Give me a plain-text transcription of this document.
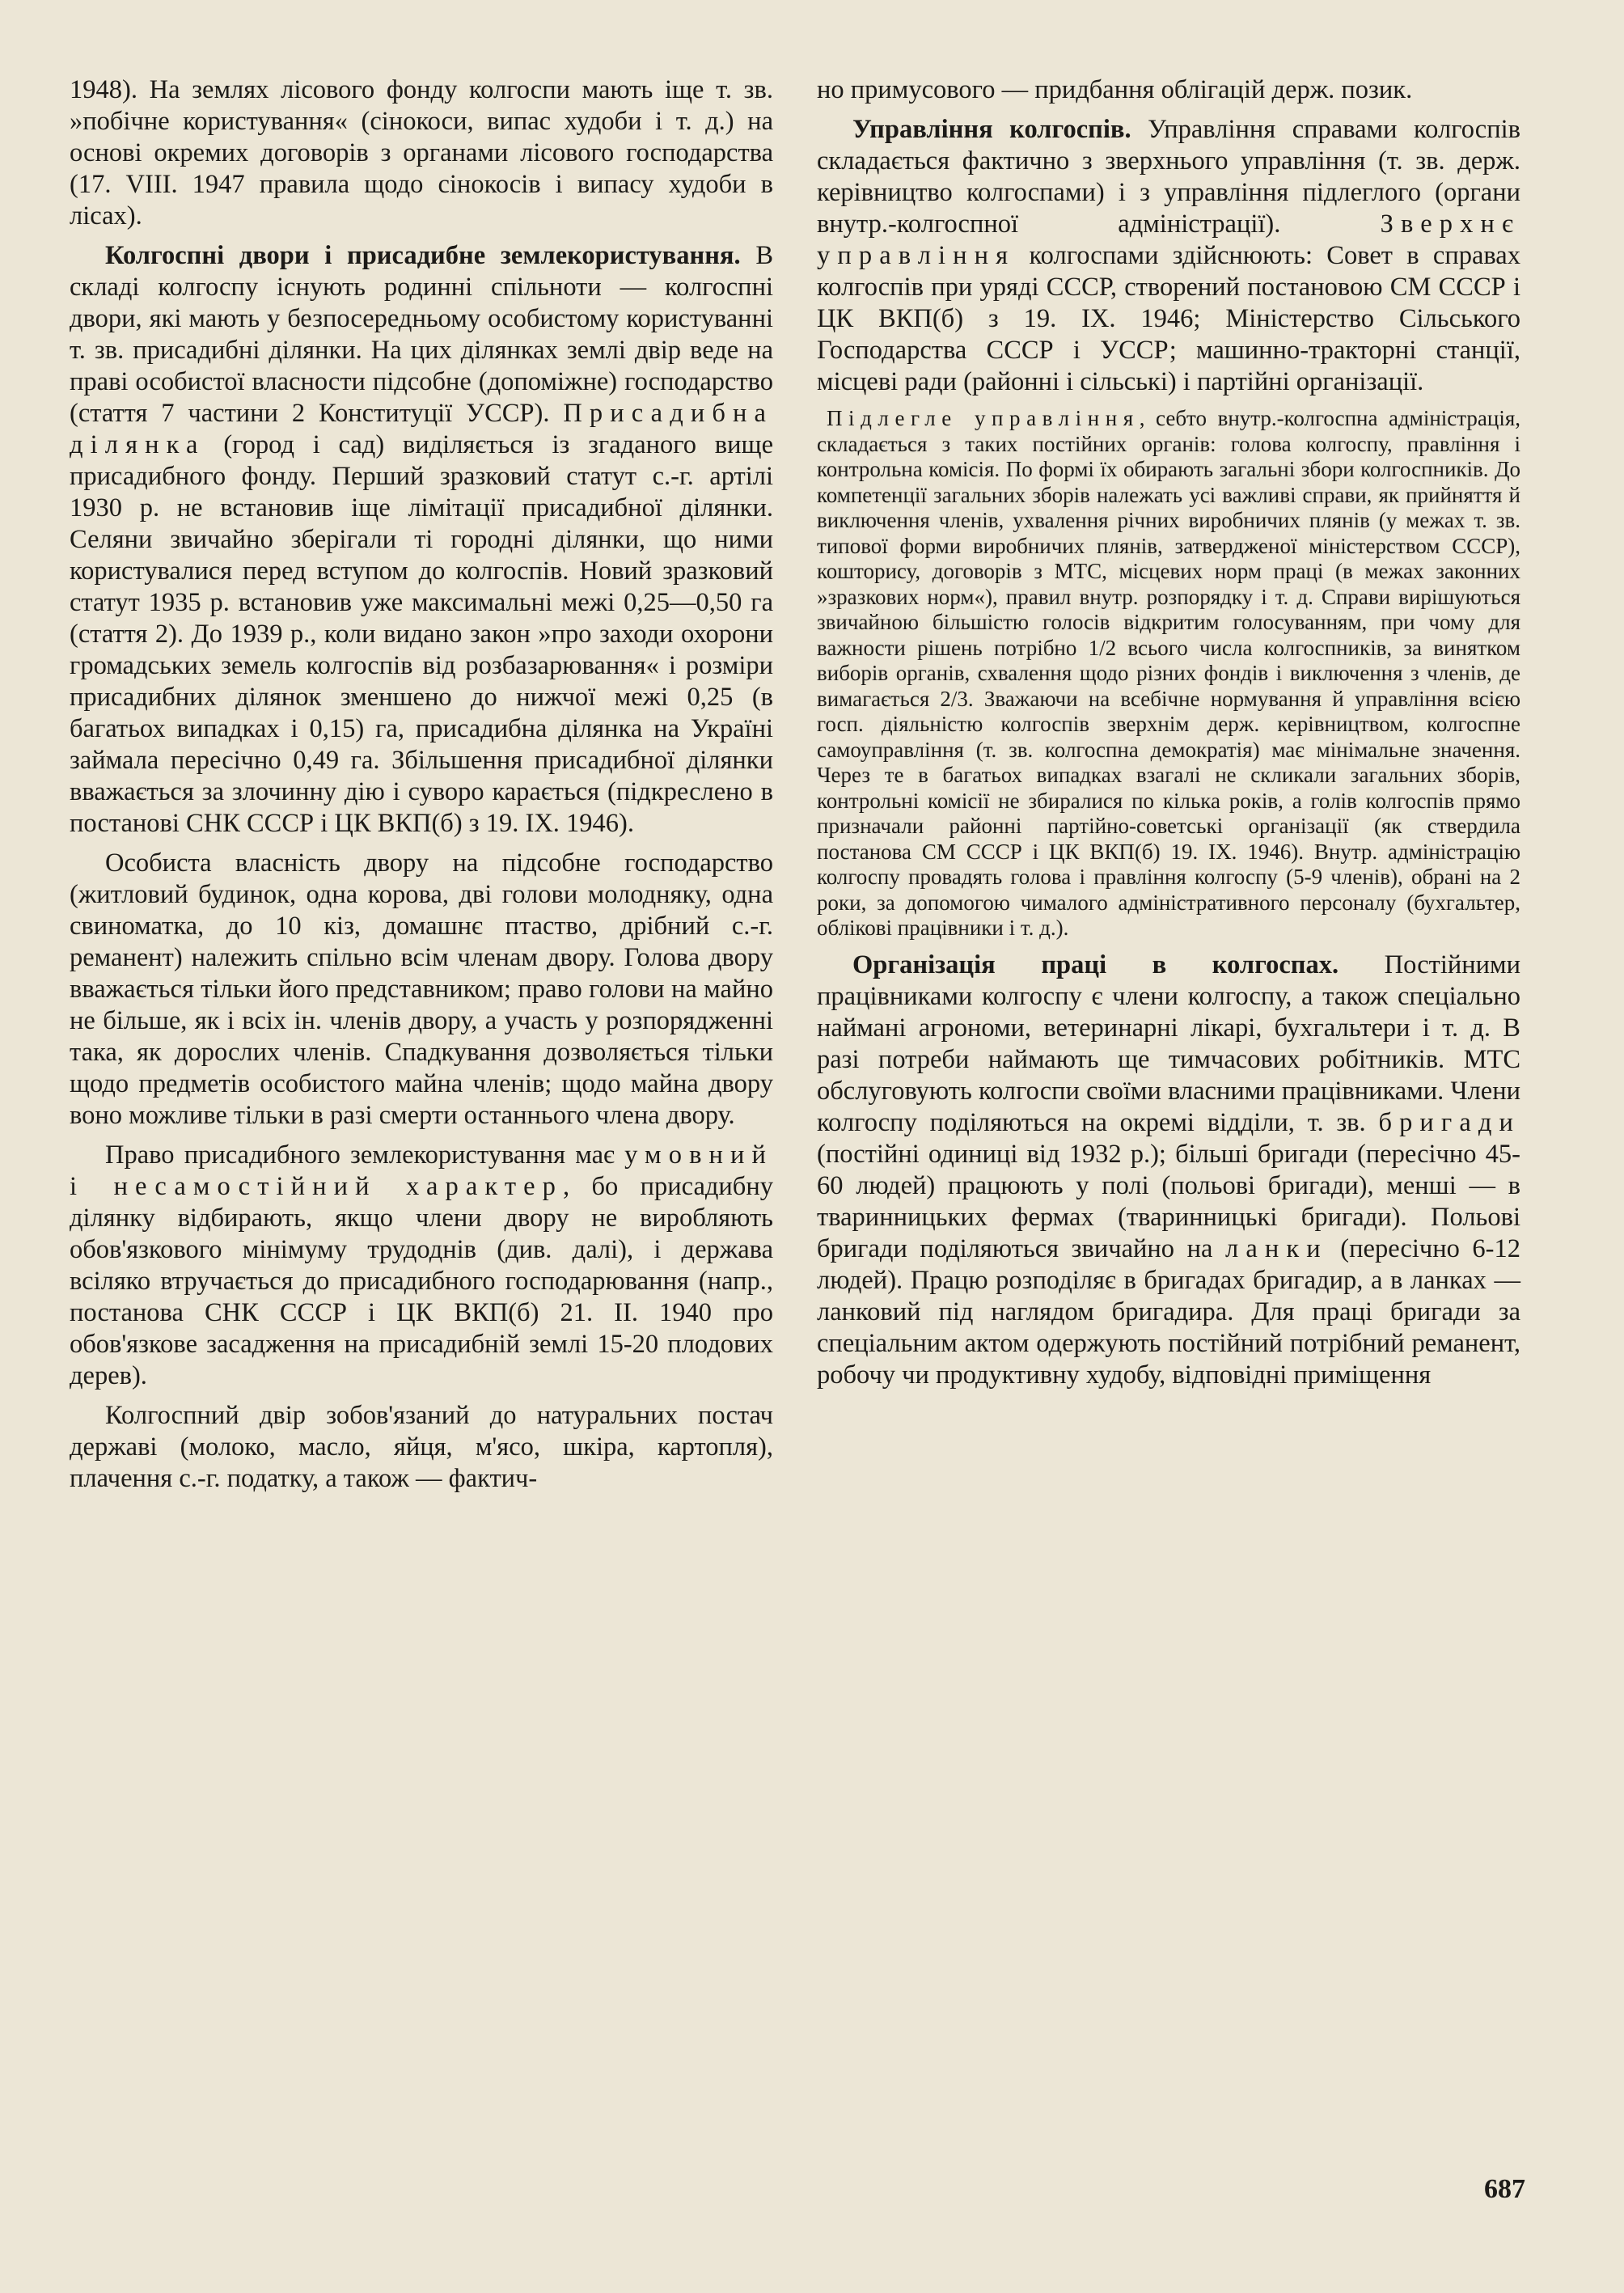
1948). На землях лісового фонду колгоспи мають іще т. зв. »побічне користування« (сінокоси, випас худоби і т. д.) на основі окремих договорів з органами лісового господарства (17. VIII. 1947 правила щодо сінокосів і випасу худоби в лісах).

Колгоспні двори і присадибне землекористування. В складі колгоспу існують родинні спільноти — колгоспні двори, які мають у безпосередньому особистому користуванні т. зв. присадибні ділянки. На цих ділянках землі двір веде на праві особистої власности підсобне (допоміжне) господарство (стаття 7 частини 2 Конституції УССР). Присадибна ділянка (город і сад) виділяється із згаданого вище присадибного фонду. Перший зразковий статут с.-г. артілі 1930 р. не встановив іще лімітації присадибної ділянки. Селяни звичайно зберігали ті городні ділянки, що ними користувалися перед вступом до колгоспів. Новий зразковий статут 1935 р. встановив уже максимальні межі 0,25—0,50 га (стаття 2). До 1939 р., коли видано закон »про заходи охорони громадських земель колгоспів від розбазарювання« і розміри присадибних ділянок зменшено до нижчої межі 0,25 (в багатьох випадках і 0,15) га, присадибна ділянка на Україні займала пересічно 0,49 га. Збільшення присадибної ділянки вважається за злочинну дію і суворо карається (підкреслено в постанові СНК СССР і ЦК ВКП(б) з 19. IX. 1946).

Особиста власність двору на підсобне господарство (житловий будинок, одна корова, дві голови молодняку, одна свиноматка, до 10 кіз, домашнє птаство, дрібний с.-г. реманент) належить спільно всім членам двору. Голова двору вважається тільки його представником; право голови на майно не більше, як і всіх ін. членів двору, а участь у розпорядженні така, як дорослих членів. Спадкування дозволяється тільки щодо предметів особистого майна членів; щодо майна двору воно можливе тільки в разі смерти останнього члена двору.

Право присадибного землекористування має умовний і несамостійний характер, бо присадибну ділянку відбирають, якщо члени двору не виробляють обов'язкового мінімуму трудоднів (див. далі), і держава всіляко втручається до присадибного господарювання (напр., постанова СНК СССР і ЦК ВКП(б) 21. II. 1940 про обов'язкове засадження на присадибній землі 15-20 плодових дерев).

Колгоспний двір зобов'язаний до натуральних постач державі (молоко, масло, яйця, м'ясо, шкіра, картопля), плачення с.-г. податку, а також — фактич-

но примусового — придбання облігацій держ. позик.

Управління колгоспів. Управління справами колгоспів складається фактично з зверхнього управління (т. зв. держ. керівництво колгоспами) і з управління підлеглого (органи внутр.-колгоспної адміністрації). Зверхнє управління колгоспами здійснюють: Совет в справах колгоспів при уряді СССР, створений постановою СМ СССР і ЦК ВКП(б) з 19. IX. 1946; Міністерство Сільського Господарства СССР і УССР; машинно-тракторні станції, місцеві ради (районні і сільські) і партійні організації.

Підлегле управління, себто внутр.-колгоспна адміністрація, складається з таких постійних органів: голова колгоспу, правління і контрольна комісія. По формі їх обирають загальні збори колгоспників. До компетенції загальних зборів належать усі важливі справи, як прийняття й виключення членів, ухвалення річних виробничих плянів (у межах т. зв. типової форми виробничих плянів, затвердженої міністерством СССР), кошторису, договорів з МТС, місцевих норм праці (в межах законних »зразкових норм«), правил внутр. розпорядку і т. д. Справи вирішуються звичайною більшістю голосів відкритим голосуванням, при чому для важности рішень потрібно 1/2 всього числа колгоспників, за винятком виборів органів, схвалення щодо різних фондів і виключення з членів, де вимагається 2/3. Зважаючи на всебічне нормування й управління всією госп. діяльністю колгоспів зверхнім держ. керівництвом, колгоспне самоуправління (т. зв. колгоспна демократія) має мінімальне значення. Через те в багатьох випадках взагалі не скликали загальних зборів, контрольні комісії не збиралися по кілька років, а голів колгоспів прямо призначали районні партійно-советські організації (як ствердила постанова СМ СССР і ЦК ВКП(б) 19. IX. 1946). Внутр. адміністрацію колгоспу провадять голова і правління колгоспу (5-9 членів), обрані на 2 роки, за допомогою чималого адміністративного персоналу (бухгальтер, облікові працівники і т. д.).

Організація праці в колгоспах. Постійними працівниками колгоспу є члени колгоспу, а також спеціально наймані агрономи, ветеринарні лікарі, бухгальтери і т. д. В разі потреби наймають ще тимчасових робітників. МТС обслуговують колгоспи своїми власними працівниками. Члени колгоспу поділяються на окремі відділи, т. зв. бригади (постійні одиниці від 1932 р.); більші бригади (пересічно 45-60 людей) працюють у полі (польові бригади), менші — в тваринницьких фермах (тваринницькі бригади). Польові бригади поділяються звичайно на ланки (пересічно 6-12 людей). Працю розподіляє в бригадах бригадир, а в ланках — ланковий під наглядом бригадира. Для праці бригади за спеціальним актом одержують постійний потрібний реманент, робочу чи продуктивну худобу, відповідні приміщення

687
